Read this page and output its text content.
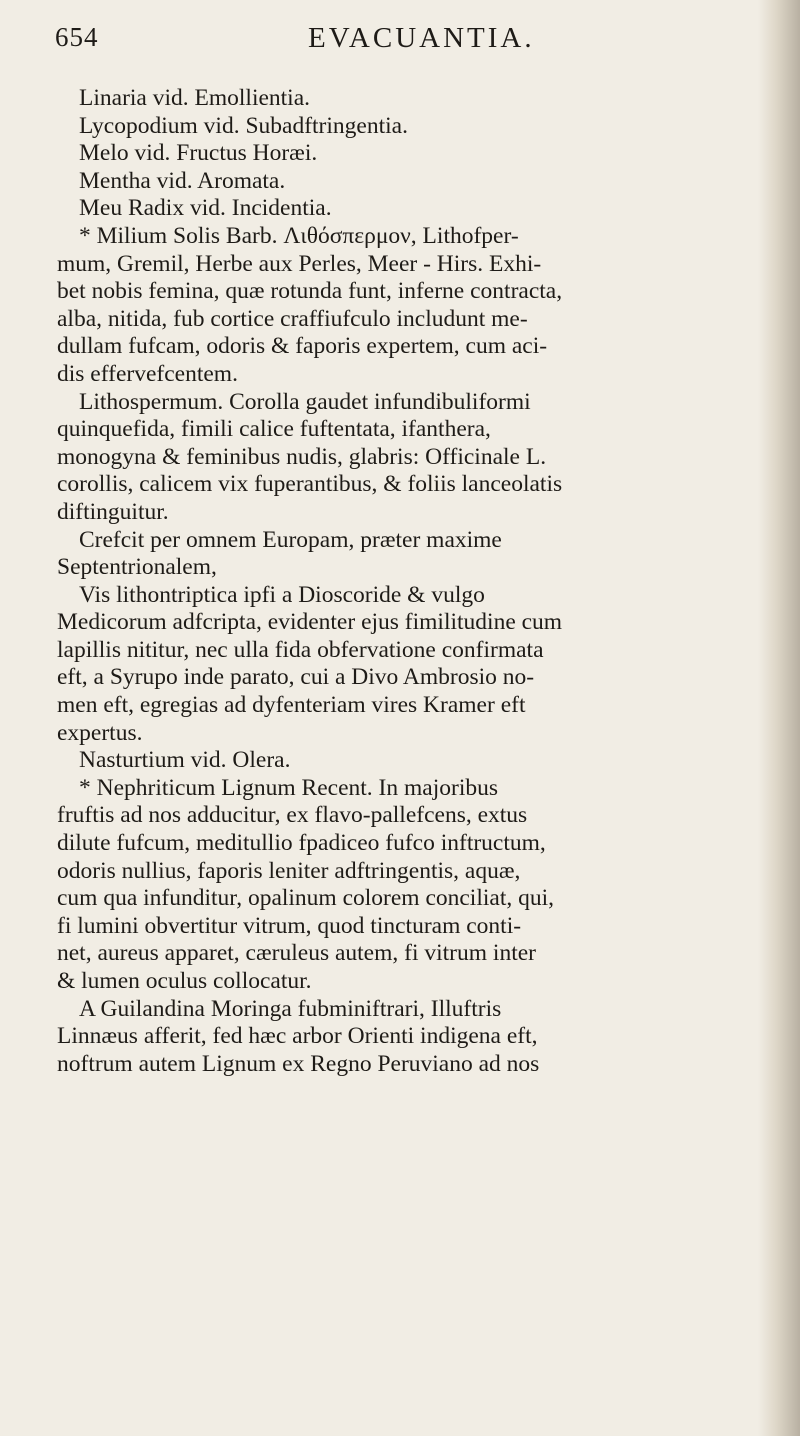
654	EVACUANTIA.

Linaria vid. Emollientia.

Lycopodium vid. Subadftringentia.

Melo vid. Fructus Horæi.

Mentha vid. Aromata.

Meu Radix vid. Incidentia.

* Milium Solis Barb. Λιθόσπερμον, Lithofper-

mum, Gremil, Herbe aux Perles, Meer - Hirs. Exhi-

bet nobis femina, quæ rotunda funt, inferne contracta,

alba, nitida, fub cortice craffiufculo includunt me-

dullam fufcam, odoris & faporis expertem, cum aci-

dis effervefcentem.

Lithospermum. Corolla gaudet infundibuliformi

quinquefida, fimili calice fuftentata, ifanthera,

monogyna & feminibus nudis, glabris: Officinale L.

corollis, calicem vix fuperantibus, & foliis lanceolatis

diftinguitur.

Crefcit per omnem Europam, præter maxime

Septentrionalem,

Vis lithontriptica ipfi a Dioscoride & vulgo

Medicorum adfcripta, evidenter ejus fimilitudine cum

lapillis nititur, nec ulla fida obfervatione confirmata

eft, a Syrupo inde parato, cui a Divo Ambrosio no-

men eft, egregias ad dyfenteriam vires Kramer eft

expertus.

Nasturtium vid. Olera.

* Nephriticum Lignum Recent. In majoribus

fruftis ad nos adducitur, ex flavo-pallefcens, extus

dilute fufcum, meditullio fpadiceo fufco inftructum,

odoris nullius, faporis leniter adftringentis, aquæ,

cum qua infunditur, opalinum colorem conciliat, qui,

fi lumini obvertitur vitrum, quod tincturam conti-

net, aureus apparet, cæruleus autem, fi vitrum inter

& lumen oculus collocatur.

A Guilandina Moringa fubminiftrari, Illuftris

Linnæus afferit, fed hæc arbor Orienti indigena eft,

noftrum autem Lignum ex Regno Peruviano ad nos
